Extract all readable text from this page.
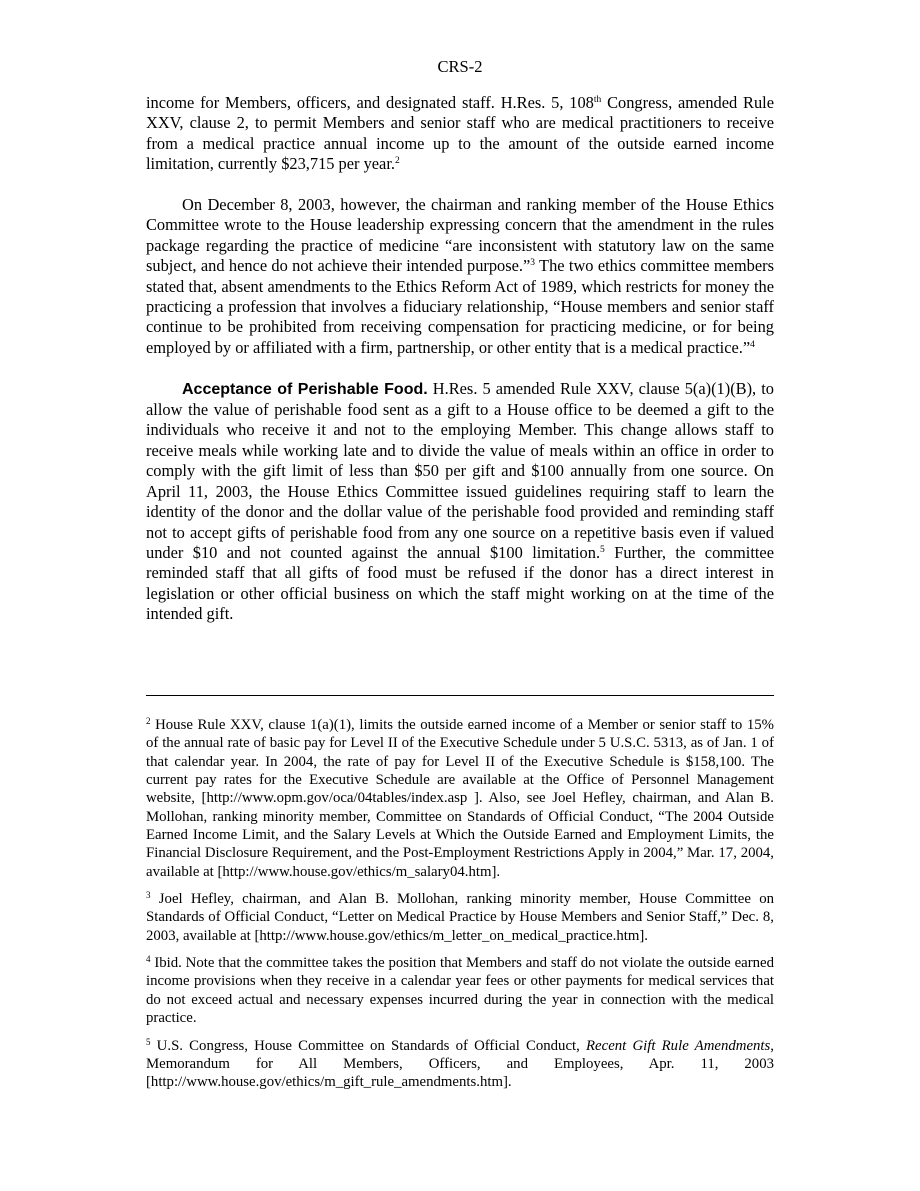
CRS-2

income for Members, officers, and designated staff. H.Res. 5, 108th Congress, amended Rule XXV, clause 2, to permit Members and senior staff who are medical practitioners to receive from a medical practice annual income up to the amount of the outside earned income limitation, currently $23,715 per year.$^2$

On December 8, 2003, however, the chairman and ranking member of the House Ethics Committee wrote to the House leadership expressing concern that the amendment in the rules package regarding the practice of medicine “are inconsistent with statutory law on the same subject, and hence do not achieve their intended purpose.”$^3$ The two ethics committee members stated that, absent amendments to the Ethics Reform Act of 1989, which restricts for money the practicing a profession that involves a fiduciary relationship, “House members and senior staff continue to be prohibited from receiving compensation for practicing medicine, or for being employed by or affiliated with a firm, partnership, or other entity that is a medical practice.”$^4$

Acceptance of Perishable Food. H.Res. 5 amended Rule XXV, clause 5(a)(1)(B), to allow the value of perishable food sent as a gift to a House office to be deemed a gift to the individuals who receive it and not to the employing Member. This change allows staff to receive meals while working late and to divide the value of meals within an office in order to comply with the gift limit of less than $50 per gift and $100 annually from one source. On April 11, 2003, the House Ethics Committee issued guidelines requiring staff to learn the identity of the donor and the dollar value of the perishable food provided and reminding staff not to accept gifts of perishable food from any one source on a repetitive basis even if valued under $10 and not counted against the annual $100 limitation.$^5$ Further, the committee reminded staff that all gifts of food must be refused if the donor has a direct interest in legislation or other official business on which the staff might working on at the time of the intended gift.

$^2$ House Rule XXV, clause 1(a)(1), limits the outside earned income of a Member or senior staff to 15% of the annual rate of basic pay for Level II of the Executive Schedule under 5 U.S.C. 5313, as of Jan. 1 of that calendar year. In 2004, the rate of pay for Level II of the Executive Schedule is $158,100. The current pay rates for the Executive Schedule are available at the Office of Personnel Management website, [http://www.opm.gov/oca/04tables/index.asp ]. Also, see Joel Hefley, chairman, and Alan B. Mollohan, ranking minority member, Committee on Standards of Official Conduct, “The 2004 Outside Earned Income Limit, and the Salary Levels at Which the Outside Earned and Employment Limits, the Financial Disclosure Requirement, and the Post-Employment Restrictions Apply in 2004,” Mar. 17, 2004, available at [http://www.house.gov/ethics/m_salary04.htm].

$^3$ Joel Hefley, chairman, and Alan B. Mollohan, ranking minority member, House Committee on Standards of Official Conduct, “Letter on Medical Practice by House Members and Senior Staff,” Dec. 8, 2003, available at [http://www.house.gov/ethics/m_letter_on_medical_practice.htm].

$^4$ Ibid. Note that the committee takes the position that Members and staff do not violate the outside earned income provisions when they receive in a calendar year fees or other payments for medical services that do not exceed actual and necessary expenses incurred during the year in connection with the medical practice.

$^5$ U.S. Congress, House Committee on Standards of Official Conduct, Recent Gift Rule Amendments, Memorandum for All Members, Officers, and Employees, Apr. 11, 2003 [http://www.house.gov/ethics/m_gift_rule_amendments.htm].
